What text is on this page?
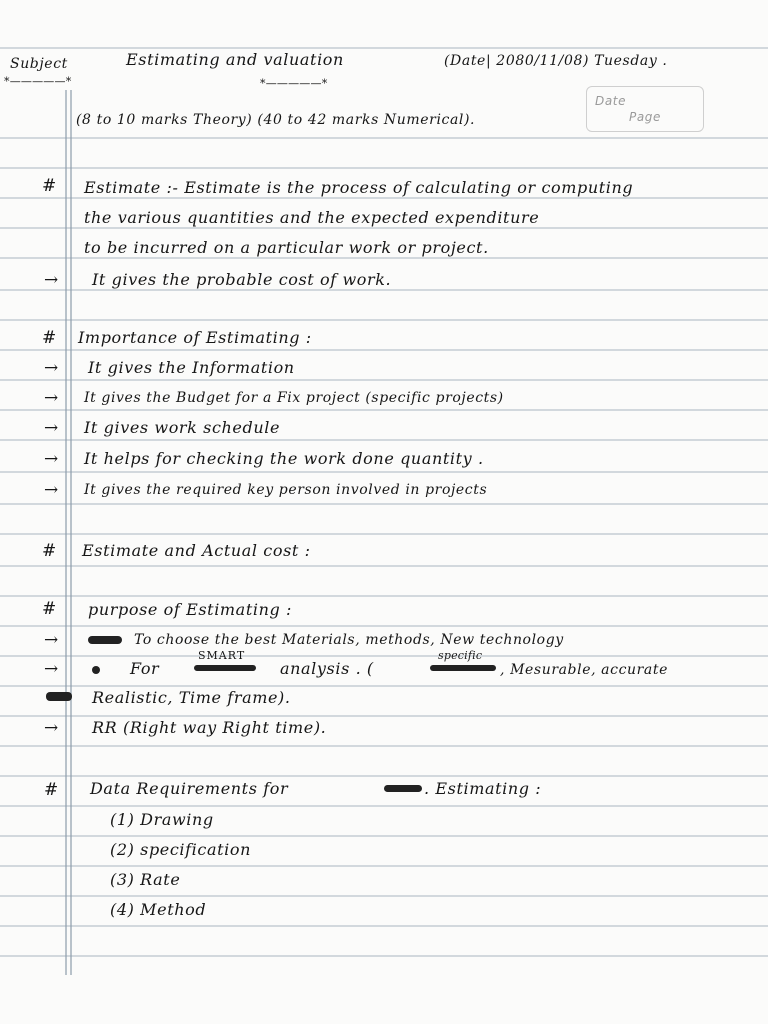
Date
Page
Subject
*—————*
Estimating and valuation	(Date| 2080/11/08) Tuesday .
*—————*
(8 to 10 marks Theory) (40 to 42 marks Numerical).
# Estimate :- Estimate is the process of calculating or computing
the various quantities and the expected expenditure
to be incurred on a particular work or project.
→ It gives the probable cost of work.
# Importance of Estimating :
→ It gives the Information
→ It gives the Budget for a Fix project (specific projects)
→ It gives work schedule
→ It helps for checking the work done quantity .
→ It gives the required key person involved in projects
# Estimate and Actual cost :
# purpose of Estimating :
→	To choose the best Materials, methods, New technology
→	For
SMART
analysis . (
specific
, Mesurable, accurate
Realistic, Time frame).
→ RR (Right way Right time).
# Data Requirements for	. Estimating :
(1) Drawing
(2) specification
(3) Rate
(4) Method
